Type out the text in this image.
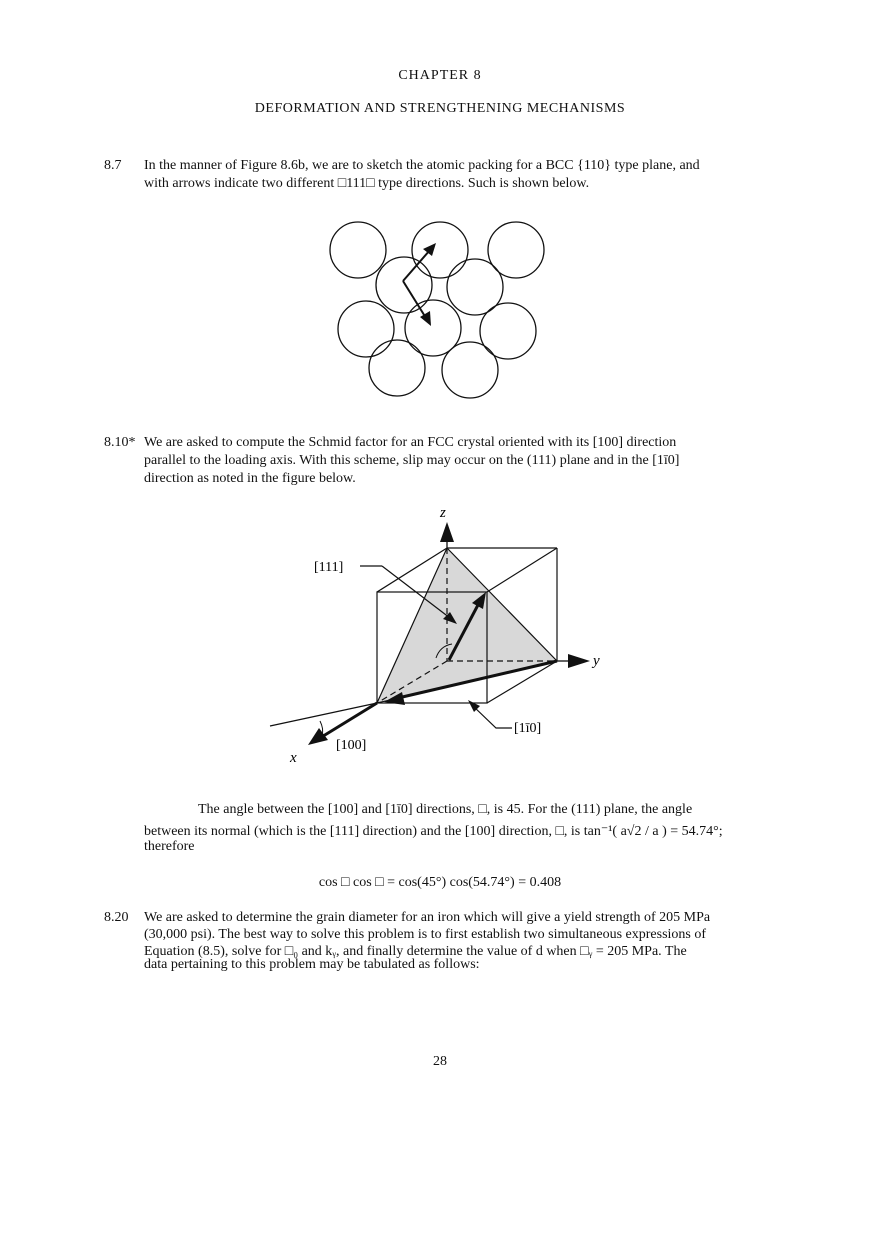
CHAPTER 8
DEFORMATION AND STRENGTHENING MECHANISMS
8.7 In the manner of Figure 8.6b, we are to sketch the atomic packing for a BCC {110} type plane, and
with arrows indicate two different □111□ type directions. Such is shown below.
8.10* We are asked to compute the Schmid factor for an FCC crystal oriented with its [100] direction
parallel to the loading axis. With this scheme, slip may occur on the (111) plane and in the [1ī0]
direction as noted in the figure below.
z
y
x
[111]
[1ī0]
[100]
The angle between the [100] and [1ī0] directions, □, is 45. For the (111) plane, the angle
between its normal (which is the [111] direction) and the [100] direction, □, is tan⁻¹( a√2 / a ) = 54.74°;
therefore
cos □ cos □ = cos(45°) cos(54.74°) = 0.408
8.20 We are asked to determine the grain diameter for an iron which will give a yield strength of 205 MPa
(30,000 psi). The best way to solve this problem is to first establish two simultaneous expressions of
Equation (8.5), solve for □₀ and kᵧ, and finally determine the value of d when □ᵧ = 205 MPa. The
data pertaining to this problem may be tabulated as follows:
28
